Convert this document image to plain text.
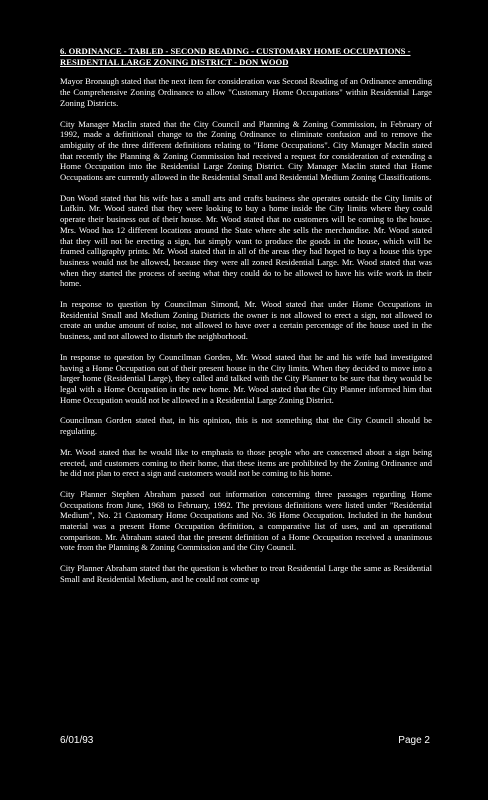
6. ORDINANCE - TABLED - SECOND READING - CUSTOMARY HOME OCCUPATIONS - RESIDENTIAL LARGE ZONING DISTRICT - DON WOOD

Mayor Bronaugh stated that the next item for consideration was Second Reading of an Ordinance amending the Comprehensive Zoning Ordinance to allow "Customary Home Occupations" within Residential Large Zoning Districts.

City Manager Maclin stated that the City Council and Planning & Zoning Commission, in February of 1992, made a definitional change to the Zoning Ordinance to eliminate confusion and to remove the ambiguity of the three different definitions relating to "Home Occupations". City Manager Maclin stated that recently the Planning & Zoning Commission had received a request for consideration of extending a Home Occupation into the Residential Large Zoning District. City Manager Maclin stated that Home Occupations are currently allowed in the Residential Small and Residential Medium Zoning Classifications.

Don Wood stated that his wife has a small arts and crafts business she operates outside the City limits of Lufkin. Mr. Wood stated that they were looking to buy a home inside the City limits where they could operate their business out of their house. Mr. Wood stated that no customers will be coming to the house. Mrs. Wood has 12 different locations around the State where she sells the merchandise. Mr. Wood stated that they will not be erecting a sign, but simply want to produce the goods in the house, which will be framed calligraphy prints. Mr. Wood stated that in all of the areas they had hoped to buy a house this type business would not be allowed, because they were all zoned Residential Large. Mr. Wood stated that was when they started the process of seeing what they could do to be allowed to have his wife work in their home.

In response to question by Councilman Simond, Mr. Wood stated that under Home Occupations in Residential Small and Medium Zoning Districts the owner is not allowed to erect a sign, not allowed to create an undue amount of noise, not allowed to have over a certain percentage of the house used in the business, and not allowed to disturb the neighborhood.

In response to question by Councilman Gorden, Mr. Wood stated that he and his wife had investigated having a Home Occupation out of their present house in the City limits. When they decided to move into a larger home (Residential Large), they called and talked with the City Planner to be sure that they would be legal with a Home Occupation in the new home. Mr. Wood stated that the City Planner informed him that Home Occupation would not be allowed in a Residential Large Zoning District.

Councilman Gorden stated that, in his opinion, this is not something that the City Council should be regulating.

Mr. Wood stated that he would like to emphasis to those people who are concerned about a sign being erected, and customers coming to their home, that these items are prohibited by the Zoning Ordinance and he did not plan to erect a sign and customers would not be coming to his home.

City Planner Stephen Abraham passed out information concerning three passages regarding Home Occupations from June, 1968 to February, 1992. The previous definitions were listed under "Residential Medium", No. 21 Customary Home Occupations and No. 36 Home Occupation. Included in the handout material was a present Home Occupation definition, a comparative list of uses, and an operational comparison. Mr. Abraham stated that the present definition of a Home Occupation received a unanimous vote from the Planning & Zoning Commission and the City Council.

City Planner Abraham stated that the question is whether to treat Residential Large the same as Residential Small and Residential Medium, and he could not come up

6/01/93	Page 2
